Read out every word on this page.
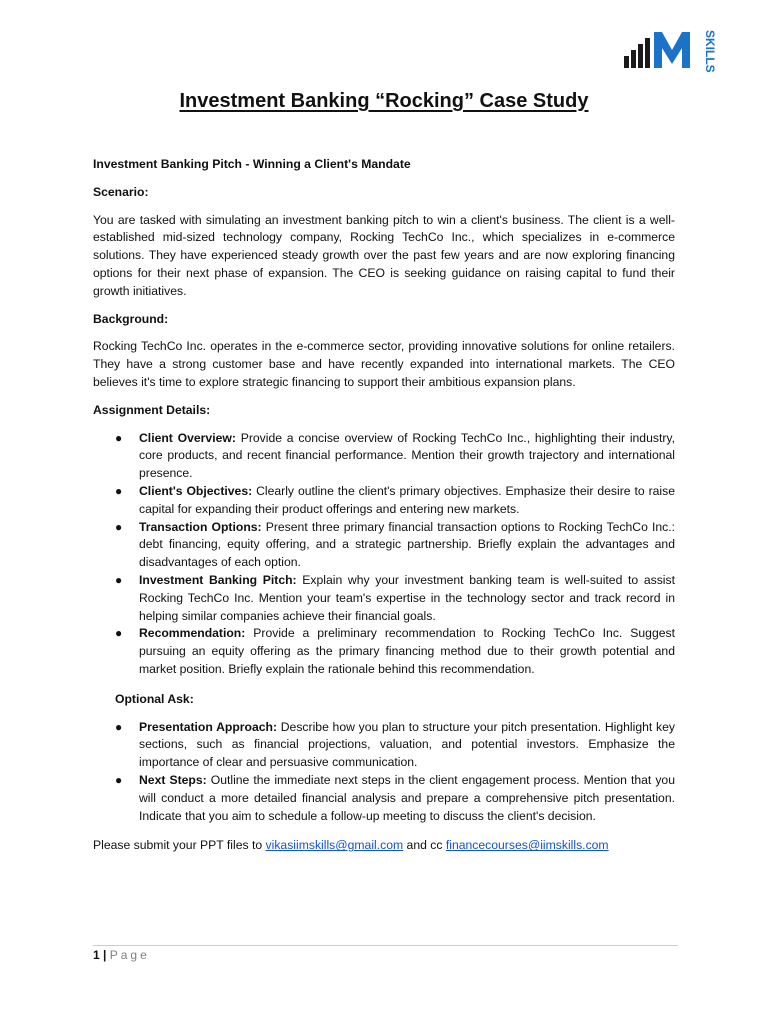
SKILLS
Investment Banking “Rocking” Case Study

Investment Banking Pitch - Winning a Client's Mandate

Scenario:

You are tasked with simulating an investment banking pitch to win a client's business. The client is a well-established mid-sized technology company, Rocking TechCo Inc., which specializes in e-commerce solutions. They have experienced steady growth over the past few years and are now exploring financing options for their next phase of expansion. The CEO is seeking guidance on raising capital to fund their growth initiatives.

Background:

Rocking TechCo Inc. operates in the e-commerce sector, providing innovative solutions for online retailers. They have a strong customer base and have recently expanded into international markets. The CEO believes it's time to explore strategic financing to support their ambitious expansion plans.

Assignment Details:

● Client Overview: Provide a concise overview of Rocking TechCo Inc., highlighting their industry, core products, and recent financial performance. Mention their growth trajectory and international presence.
● Client's Objectives: Clearly outline the client's primary objectives. Emphasize their desire to raise capital for expanding their product offerings and entering new markets.
● Transaction Options: Present three primary financial transaction options to Rocking TechCo Inc.: debt financing, equity offering, and a strategic partnership. Briefly explain the advantages and disadvantages of each option.
● Investment Banking Pitch: Explain why your investment banking team is well-suited to assist Rocking TechCo Inc. Mention your team's expertise in the technology sector and track record in helping similar companies achieve their financial goals.
● Recommendation: Provide a preliminary recommendation to Rocking TechCo Inc. Suggest pursuing an equity offering as the primary financing method due to their growth potential and market position. Briefly explain the rationale behind this recommendation.

Optional Ask:

● Presentation Approach: Describe how you plan to structure your pitch presentation. Highlight key sections, such as financial projections, valuation, and potential investors. Emphasize the importance of clear and persuasive communication.
● Next Steps: Outline the immediate next steps in the client engagement process. Mention that you will conduct a more detailed financial analysis and prepare a comprehensive pitch presentation. Indicate that you aim to schedule a follow-up meeting to discuss the client's decision.

Please submit your PPT files to vikasiimskills@gmail.com and cc financecourses@iimskills.com

1 | Page
